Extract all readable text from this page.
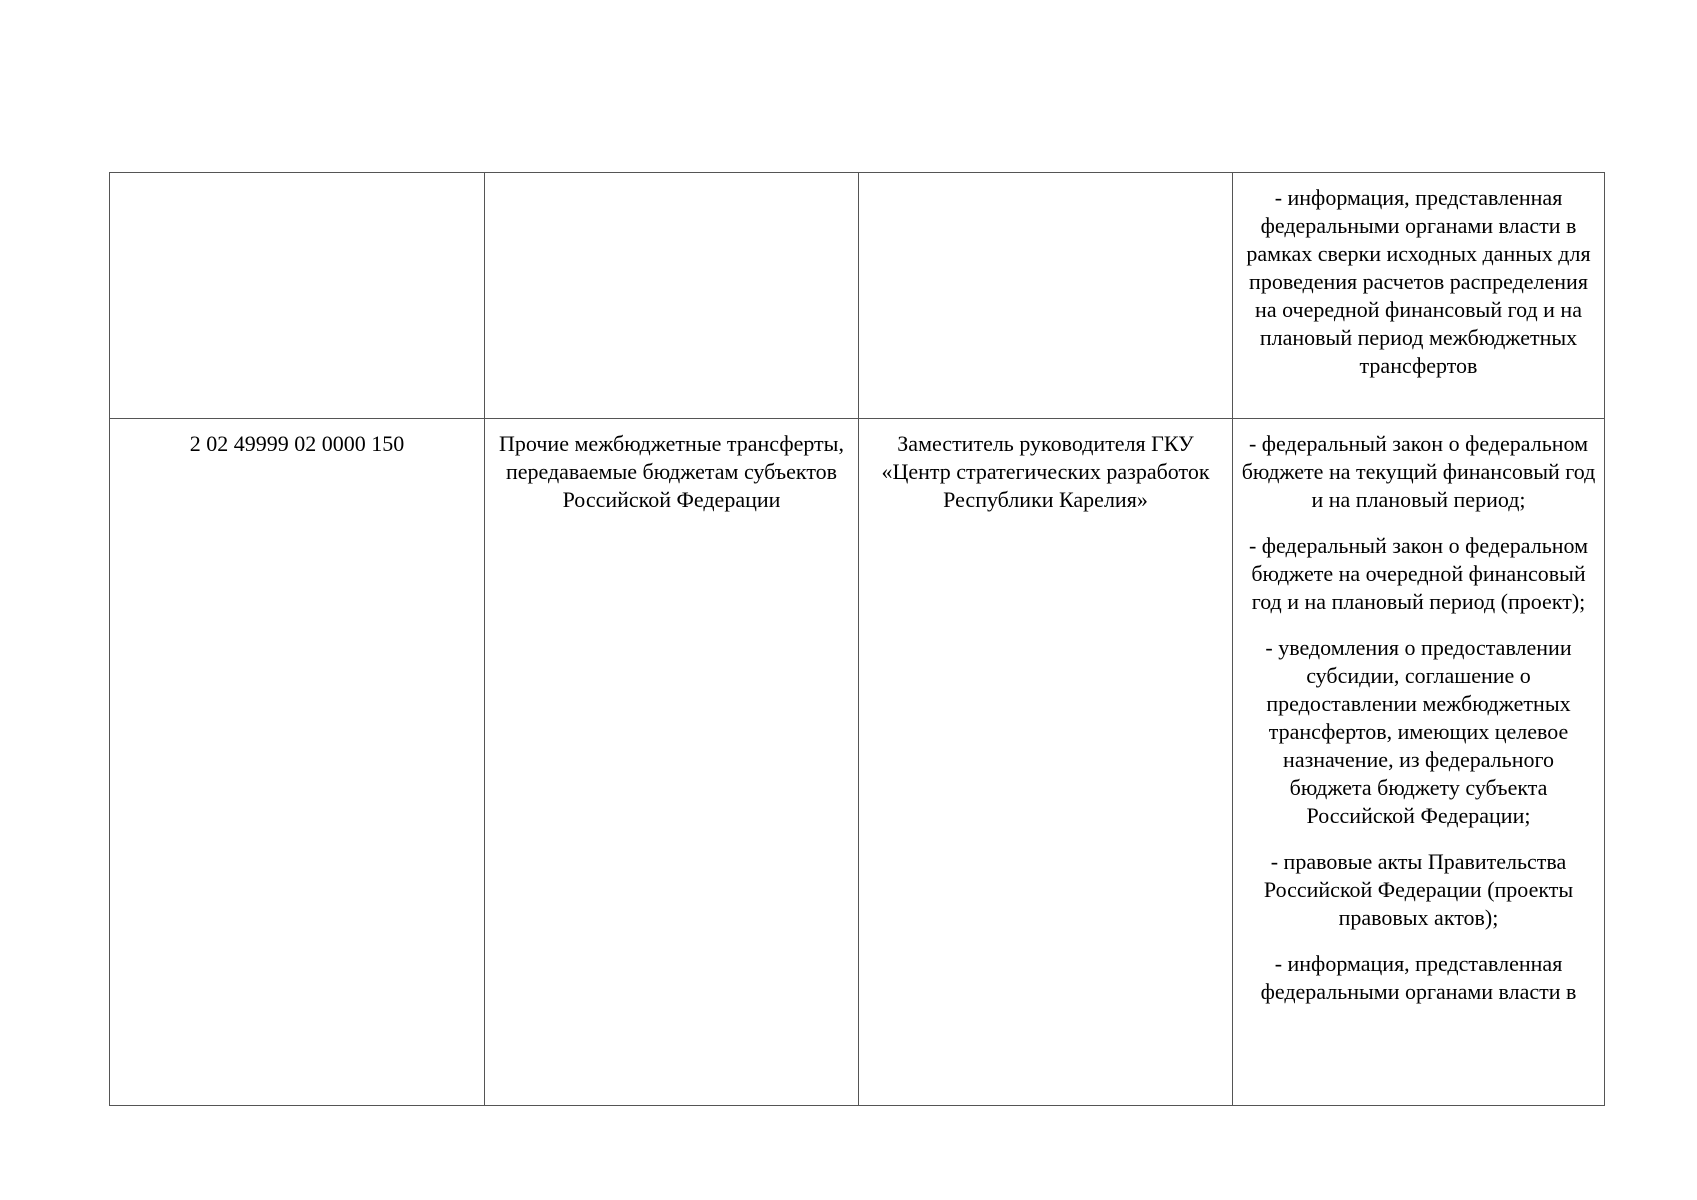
			- информация, представленная федеральными органами власти в рамках сверки исходных данных для проведения расчетов распределения на очередной финансовый год и на плановый период межбюджетных трансфертов

2 02 49999 02 0000 150	Прочие межбюджетные трансферты, передаваемые бюджетам субъектов Российской Федерации	Заместитель руководителя ГКУ «Центр стратегических разработок Республики Карелия»	- федеральный закон о федеральном бюджете на текущий финансовый год и на плановый период;

- федеральный закон о федеральном бюджете на очередной финансовый год и на плановый период (проект);

- уведомления о предоставлении субсидии, соглашение о предоставлении межбюджетных трансфертов, имеющих целевое назначение, из федерального бюджета бюджету субъекта Российской Федерации;

- правовые акты Правительства Российской Федерации (проекты правовых актов);

- информация, представленная федеральными органами власти в
